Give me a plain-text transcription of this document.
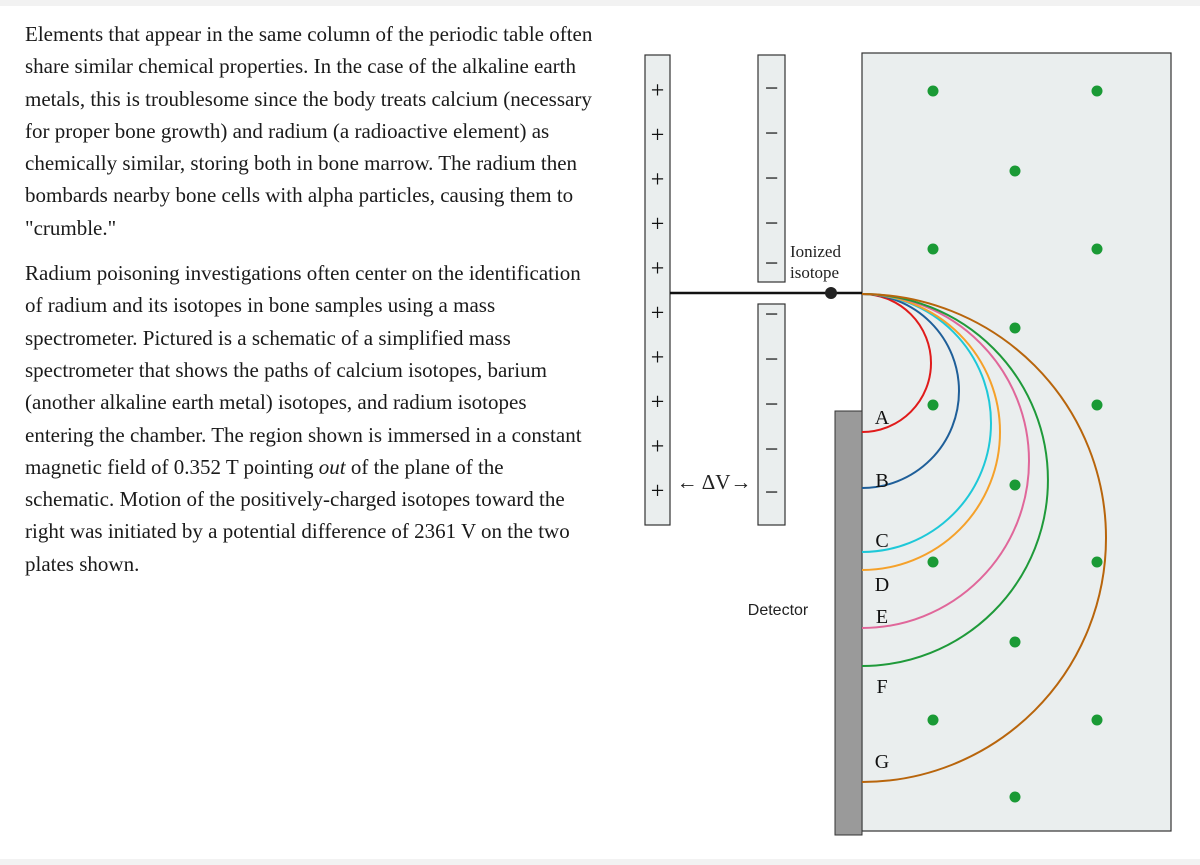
Elements that appear in the same column of the periodic table often share similar chemical properties. In the case of the alkaline earth metals, this is troublesome since the body treats calcium (necessary for proper bone growth) and radium (a radioactive element) as chemically similar, storing both in bone marrow. The radium then bombards nearby bone cells with alpha particles, causing them to "crumble."

Radium poisoning investigations often center on the identification of radium and its isotopes in bone samples using a mass spectrometer. Pictured is a schematic of a simplified mass spectrometer that shows the paths of calcium isotopes, barium (another alkaline earth metal) isotopes, and radium isotopes entering the chamber. The region shown is immersed in a constant magnetic field of 0.352 T pointing out of the plane of the schematic. Motion of the positively-charged isotopes toward the right was initiated by a potential difference of 2361 V on the two plates shown.

Detector
+
+
+
+
+
+
+
+
+
+
−
−
−
−
−
−
−
−
−
−
← ΔV→
Ionized
isotope
A
B
C
D
E
F
G
